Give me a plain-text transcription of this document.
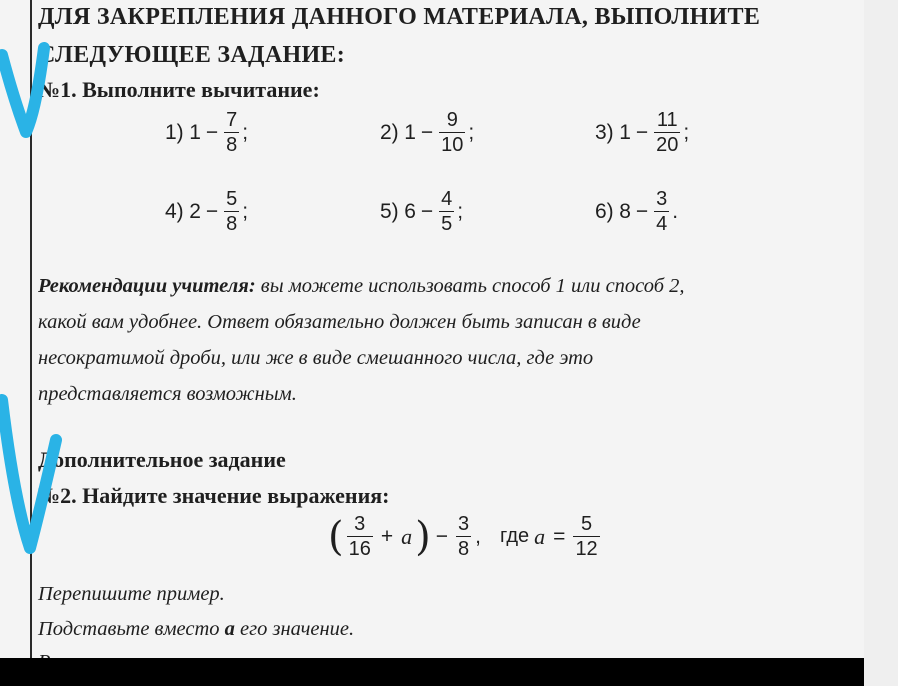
ДЛЯ ЗАКРЕПЛЕНИЯ ДАННОГО МАТЕРИАЛА, ВЫПОЛНИТЕ
СЛЕДУЮЩЕЕ ЗАДАНИЕ:
№1. Выполните вычитание:
1)
$1 - \frac{7}{8}$ ;	2)
$1 - \frac{9}{10}$ ;	3)
$1 - \frac{11}{20}$ ;
4)
$2 - \frac{5}{8}$ ;	5)
$6 - \frac{4}{5}$ ;	6)
$8 - \frac{3}{4}$ .
Рекомендации учителя: вы можете использовать способ 1 или способ 2,
какой вам удобнее. Ответ обязательно должен быть записан в виде
несократимой дроби, или же в виде смешанного числа, где это
представляется возможным.
Дополнительное задание
№2. Найдите значение выражения:
( $\frac{3}{16} + a$ ) − $\frac{3}{8}$ , где $a = \frac{5}{12}$
Перепишите пример.
Подставьте вместо a его значение.
